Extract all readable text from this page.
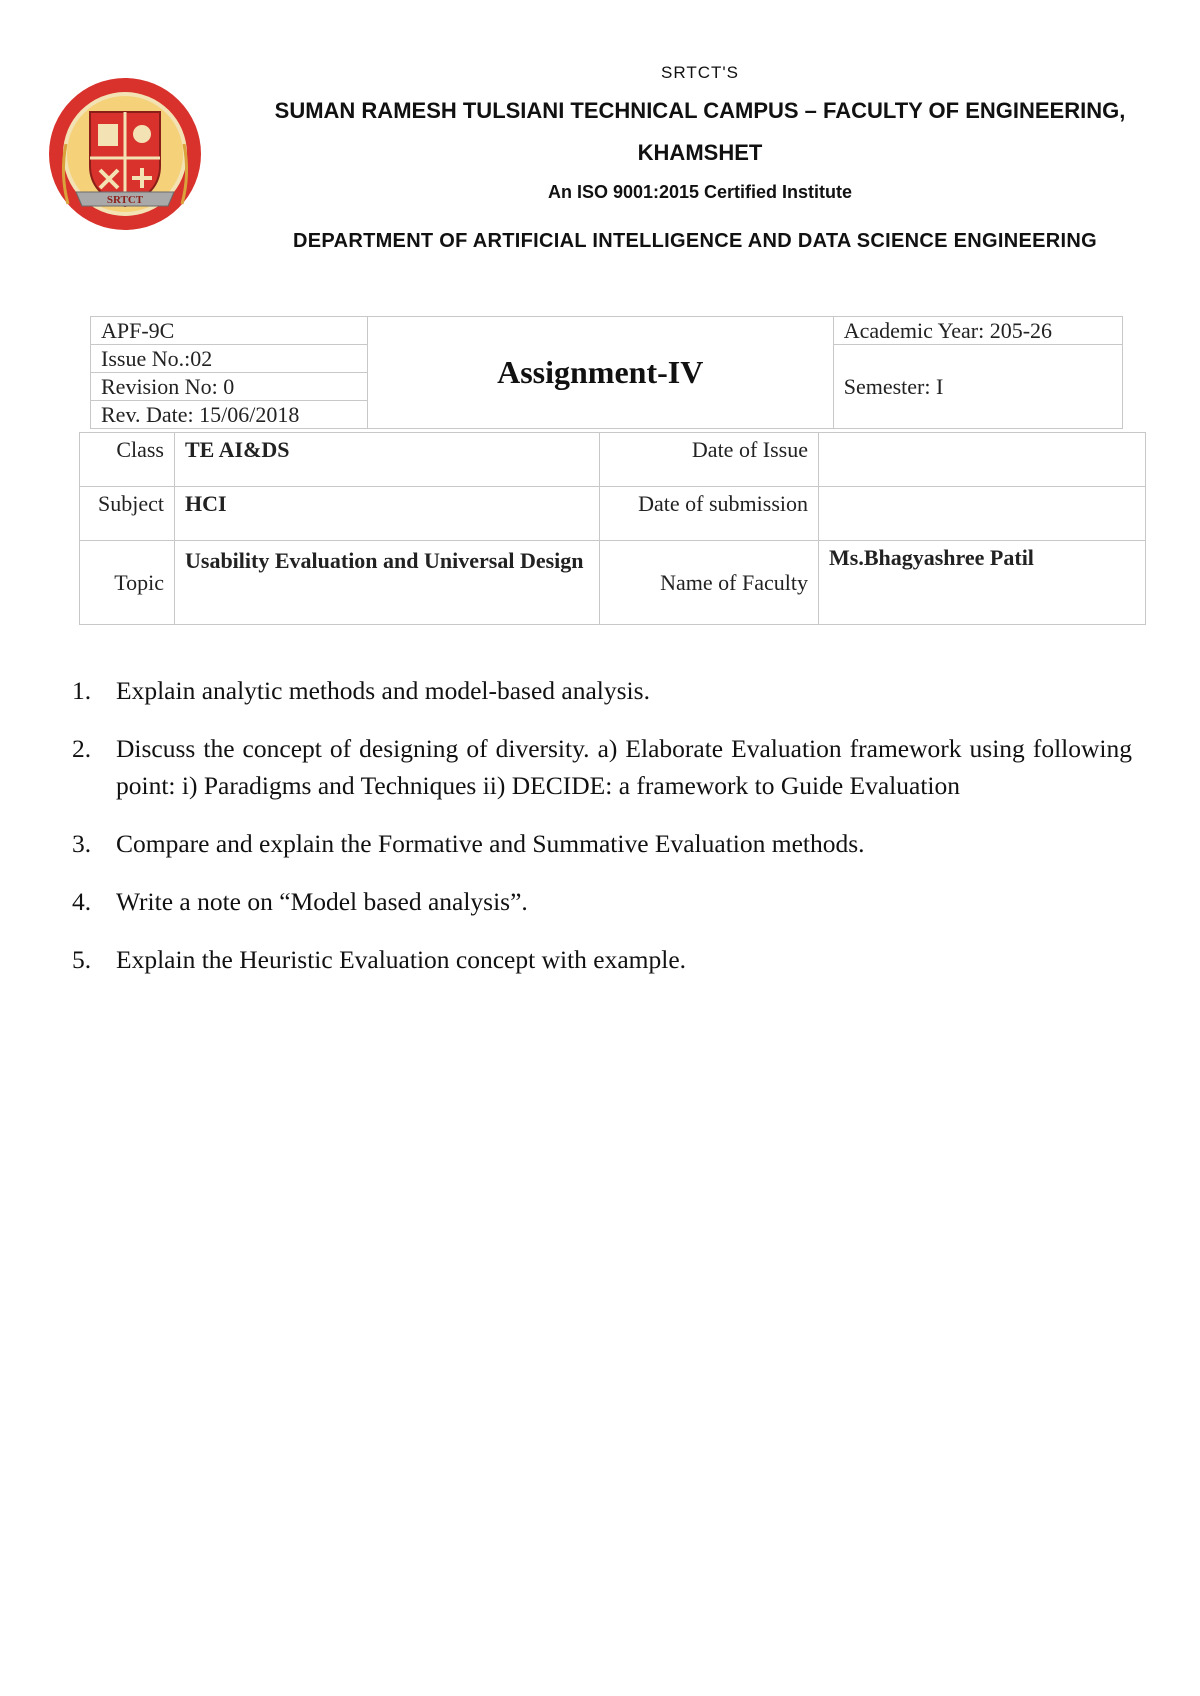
SRTCT
SRTCT'S
SUMAN RAMESH TULSIANI TECHNICAL CAMPUS – FACULTY OF ENGINEERING,
KHAMSHET
An ISO 9001:2015 Certified Institute
DEPARTMENT OF ARTIFICIAL INTELLIGENCE AND DATA SCIENCE ENGINEERING
APF-9C	Assignment-IV	Academic Year: 205-26
Issue No.:02		Semester: I
Revision No: 0		
Rev. Date: 15/06/2018		
Class	TE AI&DS	Date of Issue	
Subject	HCI	Date of submission	
Topic	Usability Evaluation and Universal Design	Name of Faculty	Ms.Bhagyashree Patil
1. Explain analytic methods and model-based analysis.
2. Discuss the concept of designing of diversity. a) Elaborate Evaluation framework using following point: i) Paradigms and Techniques ii) DECIDE: a framework to Guide Evaluation
3. Compare and explain the Formative and Summative Evaluation methods.
4. Write a note on “Model based analysis”.
5. Explain the Heuristic Evaluation concept with example.
